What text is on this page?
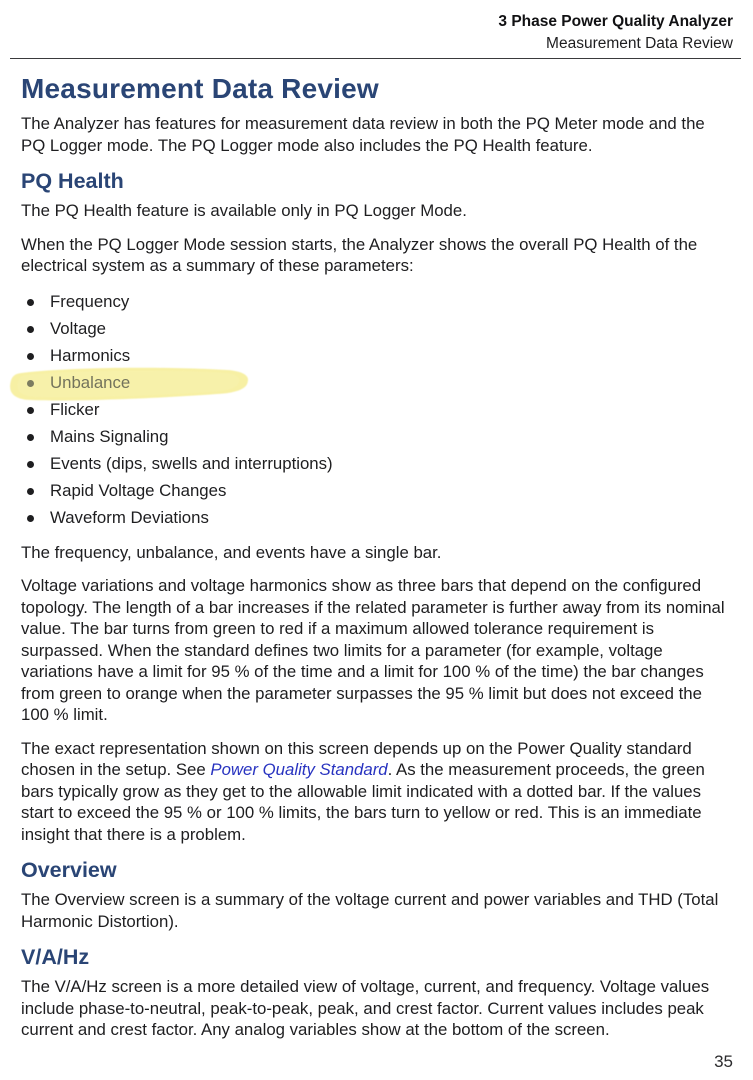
3 Phase Power Quality Analyzer
Measurement Data Review
Measurement Data Review

The Analyzer has features for measurement data review in both the PQ Meter mode and the PQ Logger mode. The PQ Logger mode also includes the PQ Health feature.

PQ Health

The PQ Health feature is available only in PQ Logger Mode.

When the PQ Logger Mode session starts, the Analyzer shows the overall PQ Health of the electrical system as a summary of these parameters:

Frequency
Voltage
Harmonics
Unbalance
Flicker
Mains Signaling
Events (dips, swells and interruptions)
Rapid Voltage Changes
Waveform Deviations

The frequency, unbalance, and events have a single bar.

Voltage variations and voltage harmonics show as three bars that depend on the configured topology. The length of a bar increases if the related parameter is further away from its nominal value. The bar turns from green to red if a maximum allowed tolerance requirement is surpassed. When the standard defines two limits for a parameter (for example, voltage variations have a limit for 95 % of the time and a limit for 100 % of the time) the bar changes from green to orange when the parameter surpasses the 95 % limit but does not exceed the 100 % limit.

The exact representation shown on this screen depends up on the Power Quality standard chosen in the setup. See Power Quality Standard. As the measurement proceeds, the green bars typically grow as they get to the allowable limit indicated with a dotted bar. If the values start to exceed the 95 % or 100 % limits, the bars turn to yellow or red. This is an immediate insight that there is a problem.

Overview

The Overview screen is a summary of the voltage current and power variables and THD (Total Harmonic Distortion).

V/A/Hz

The V/A/Hz screen is a more detailed view of voltage, current, and frequency. Voltage values include phase-to-neutral, peak-to-peak, peak, and crest factor. Current values includes peak current and crest factor. Any analog variables show at the bottom of the screen.

35
